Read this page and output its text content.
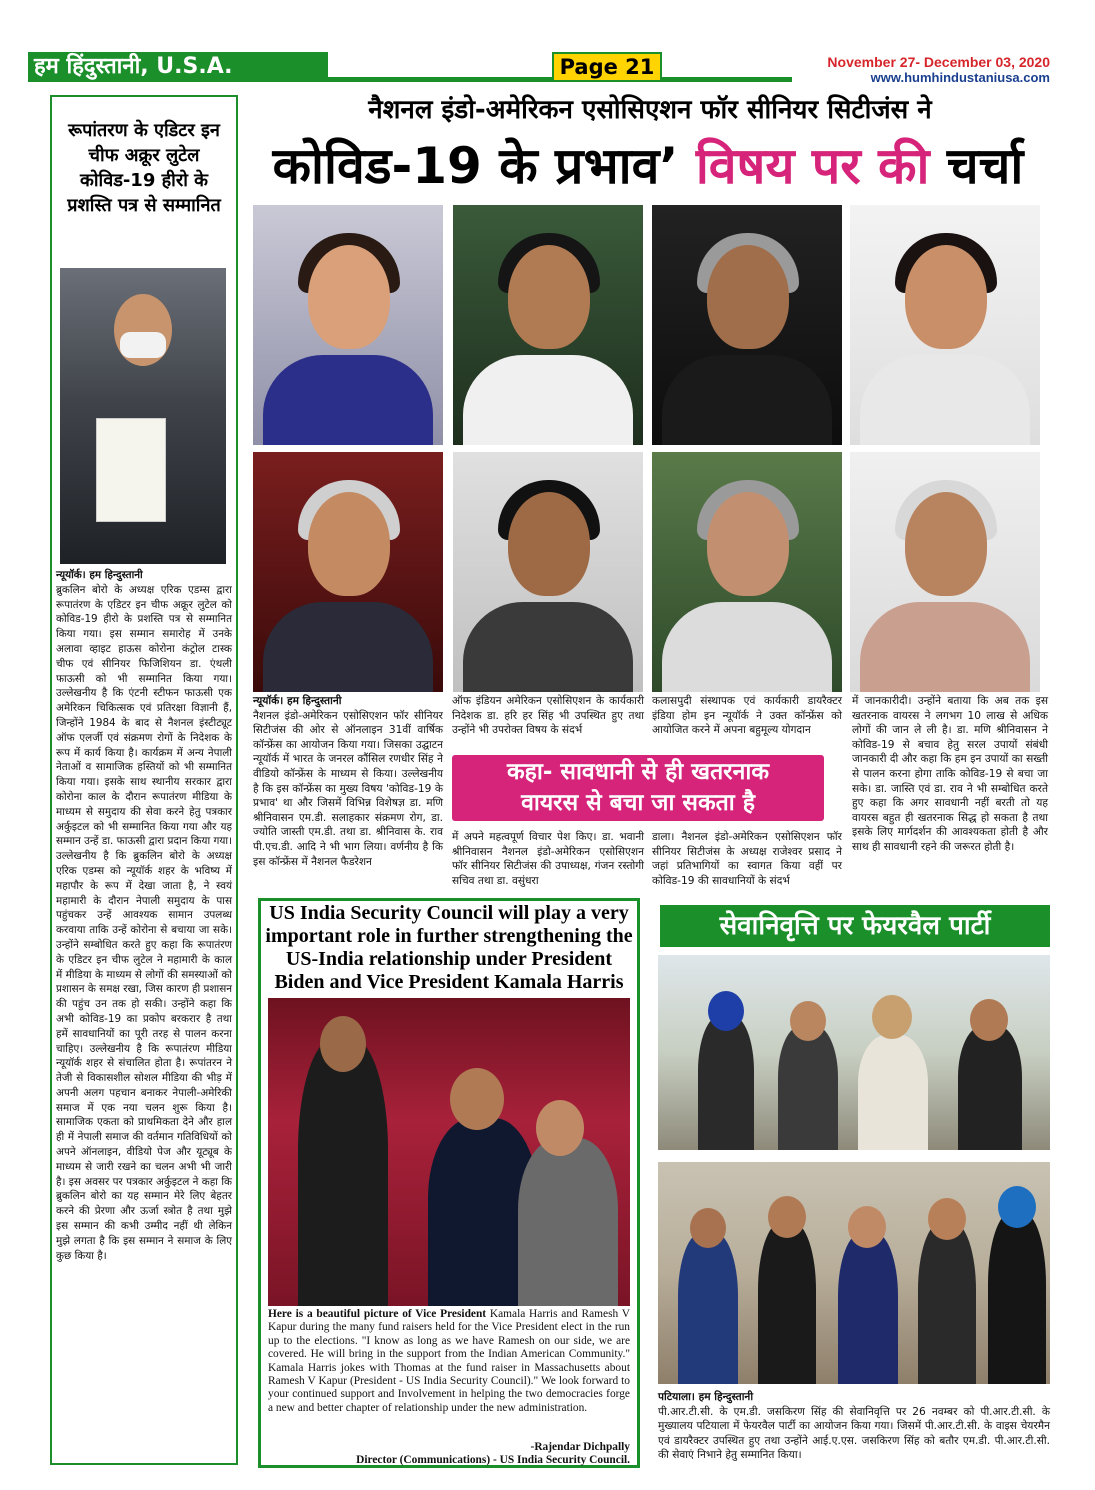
हम हिंदुस्तानी, U.S.A.	Page 21	November 27- December 03, 2020
www.humhindustaniusa.com
रूपांतरण के एडिटर इन चीफ अक्रूर लुटेल कोविड-19 हीरो के प्रशस्ति पत्र से सम्मानित
न्यूयॉर्क। हम हिन्दुस्तानी
ब्रुकलिन बोरो के अध्यक्ष एरिक एडम्स द्वारा रूपातंरण के एडिटर इन चीफ अक्रूर लुटेल को कोविड-19 हीरो के प्रशस्ति पत्र से सम्मानित किया गया। इस सम्मान समारोह में उनके अलावा व्हाइट हाऊस कोरोना कंट्रोल टास्क चीफ एवं सीनियर फिजिशियन डा. एंथली फाऊसी को भी सम्मानित किया गया। उल्लेखनीय है कि एंटनी स्टीफन फाऊसी एक अमेरिकन चिकित्सक एवं प्रतिरक्षा विज्ञानी हैं, जिन्होंने 1984 के बाद से नैशनल इंस्टीट्यूट ऑफ एलर्जी एवं संक्रमण रोगों के निदेशक के रूप में कार्य किया है। कार्यक्रम में अन्य नेपाली नेताओं व सामाजिक हस्तियों को भी सम्मानित किया गया। इसके साथ स्थानीय सरकार द्वारा कोरोना काल के दौरान रूपातंरण मीडिया के माध्यम से समुदाय की सेवा करने हेतु पत्रकार अर्कुइटल को भी सम्मानित किया गया और यह सम्मान उन्हें डा. फाऊसी द्वारा प्रदान किया गया। उल्लेखनीय है कि ब्रुकलिन बोरो के अध्यक्ष एरिक एडम्स को न्यूयॉर्क शहर के भविष्य में महापौर के रूप में देखा जाता है, ने स्वयं महामारी के दौरान नेपाली समुदाय के पास पहुंचकर उन्हें आवश्यक सामान उपलब्ध करवाया ताकि उन्हें कोरोना से बचाया जा सके। उन्होंने सम्बोधित करते हुए कहा कि रूपातंरण के एडिटर इन चीफ लुटेल ने महामारी के काल में मीडिया के माध्यम से लोगों की समस्याओं को प्रशासन के समक्ष रखा, जिस कारण ही प्रशासन की पहुंच उन तक हो सकी। उन्होंने कहा कि अभी कोविड-19 का प्रकोप बरकरार है तथा हमें सावधानियों का पूरी तरह से पालन करना चाहिए। उल्लेखनीय है कि रूपातंरण मीडिया न्यूयॉर्क शहर से संचालित होता है। रूपांतरन ने तेजी से विकासशील सोशल मीडिया की भीड़ में अपनी अलग पहचान बनाकर नेपाली-अमेरिकी समाज में एक नया चलन शुरू किया है। सामाजिक एकता को प्राथमिकता देने और हाल ही में नेपाली समाज की वर्तमान गतिविधियों को अपने ऑनलाइन, वीडियो पेज और यूट्यूब के माध्यम से जारी रखने का चलन अभी भी जारी है। इस अवसर पर पत्रकार अर्कुइटल ने कहा कि ब्रुकलिन बोरो का यह सम्मान मेरे लिए बेहतर करने की प्रेरणा और ऊर्जा स्त्रोत है तथा मुझे इस सम्मान की कभी उम्मीद नहीं थी लेकिन मुझे लगता है कि इस सम्मान ने समाज के लिए कुछ किया है।
नैशनल इंडो-अमेरिकन एसोसिएशन फॉर सीनियर सिटीजंस ने
कोविड-19 के प्रभाव’ विषय पर की चर्चा
न्यूयॉर्क। हम हिन्दुस्तानी
नैशनल इंडो-अमेरिकन एसोसिएशन फॉर सीनियर सिटीजंस की ओर से ऑनलाइन 31वीं वार्षिक कॉन्फ्रेंस का आयोजन किया गया। जिसका उद्घाटन न्यूयॉर्क में भारत के जनरल कौंसिल रणधीर सिंह ने वीडियो कॉन्फ्रेंस के माध्यम से किया। उल्लेखनीय है कि इस कॉन्फ्रेंस का मुख्य विषय 'कोविड-19 के प्रभाव' था और जिसमें विभिन्न विशेषज्ञ डा. मणि श्रीनिवासन एम.डी. सलाहकार संक्रमण रोग, डा. ज्योति जास्ती एम.डी. तथा डा. श्रीनिवास के. राव पी.एच.डी. आदि ने भी भाग लिया। वर्णनीय है कि इस कॉन्फ्रेंस में नैशनल फैडरेशन
ऑफ इंडियन अमेरिकन एसोसिएशन के कार्यकारी निदेशक डा. हरि हर सिंह भी उपस्थित हुए तथा उन्होंने भी उपरोक्त विषय के संदर्भ
कलासपुदी संस्थापक एवं कार्यकारी डायरैक्टर इंडिया होम इन न्यूयॉर्क ने उक्त कॉन्फ्रेंस को आयोजित करने में अपना बहुमूल्य योगदान
में जानकारीदी। उन्होंने बताया कि अब तक इस खतरनाक वायरस ने लगभग 10 लाख से अधिक लोगों की जान ले ली है। डा. मणि श्रीनिवासन ने कोविड-19 से बचाव हेतु सरल उपायों संबंधी जानकारी दी और कहा कि हम इन उपायों का सख्ती से पालन करना होगा ताकि कोविड-19 से बचा जा सके। डा. जास्ति एवं डा. राव ने भी सम्बोधित करते हुए कहा कि अगर सावधानी नहीं बरती तो यह वायरस बहुत ही खतरनाक सिद्ध हो सकता है तथा इसके लिए मार्गदर्शन की आवश्यकता होती है और साथ ही सावधानी रहने की जरूरत होती है।
कहा- सावधानी से ही खतरनाक
वायरस से बचा जा सकता है
में अपने महत्वपूर्ण विचार पेश किए। डा. भवानी श्रीनिवासन नैशनल इंडो-अमेरिकन एसोसिएशन फॉर सीनियर सिटीजंस की उपाध्यक्ष, गंजन रस्तोगी सचिव तथा डा. वसुंधरा
डाला। नैशनल इंडो-अमेरिकन एसोसिएशन फॉर सीनियर सिटीजंस के अध्यक्ष राजेश्वर प्रसाद ने जहां प्रतिभागियों का स्वागत किया वहीं पर कोविड-19 की सावधानियों के संदर्भ
US India Security Council will play a very important role in further strengthening the US-India relationship under President Biden and Vice President Kamala Harris
Here is a beautiful picture of Vice President Kamala Harris and Ramesh V Kapur during the many fund raisers held for the Vice President elect in the run up to the elections. "I know as long as we have Ramesh on our side, we are covered. He will bring in the support from the Indian American Community." Kamala Harris jokes with Thomas at the fund raiser in Massachusetts about Ramesh V Kapur (President - US India Security Council)." We look forward to your continued support and Involvement in helping the two democracies forge a new and better chapter of relationship under the new administration.
-Rajendar Dichpally
Director (Communications) - US India Security Council.
सेवानिवृत्ति पर फेयरवैल पार्टी
पटियाला। हम हिन्दुस्तानी
पी.आर.टी.सी. के एम.डी. जसकिरण सिंह की सेवानिवृत्ति पर 26 नवम्बर को पी.आर.टी.सी. के मुख्यालय पटियाला में फेयरवैल पार्टी का आयोजन किया गया। जिसमें पी.आर.टी.सी. के वाइस चेयरमैन एवं डायरैक्टर उपस्थित हुए तथा उन्होंने आई.ए.एस. जसकिरण सिंह को बतौर एम.डी. पी.आर.टी.सी. की सेवाएं निभाने हेतु सम्मानित किया।
